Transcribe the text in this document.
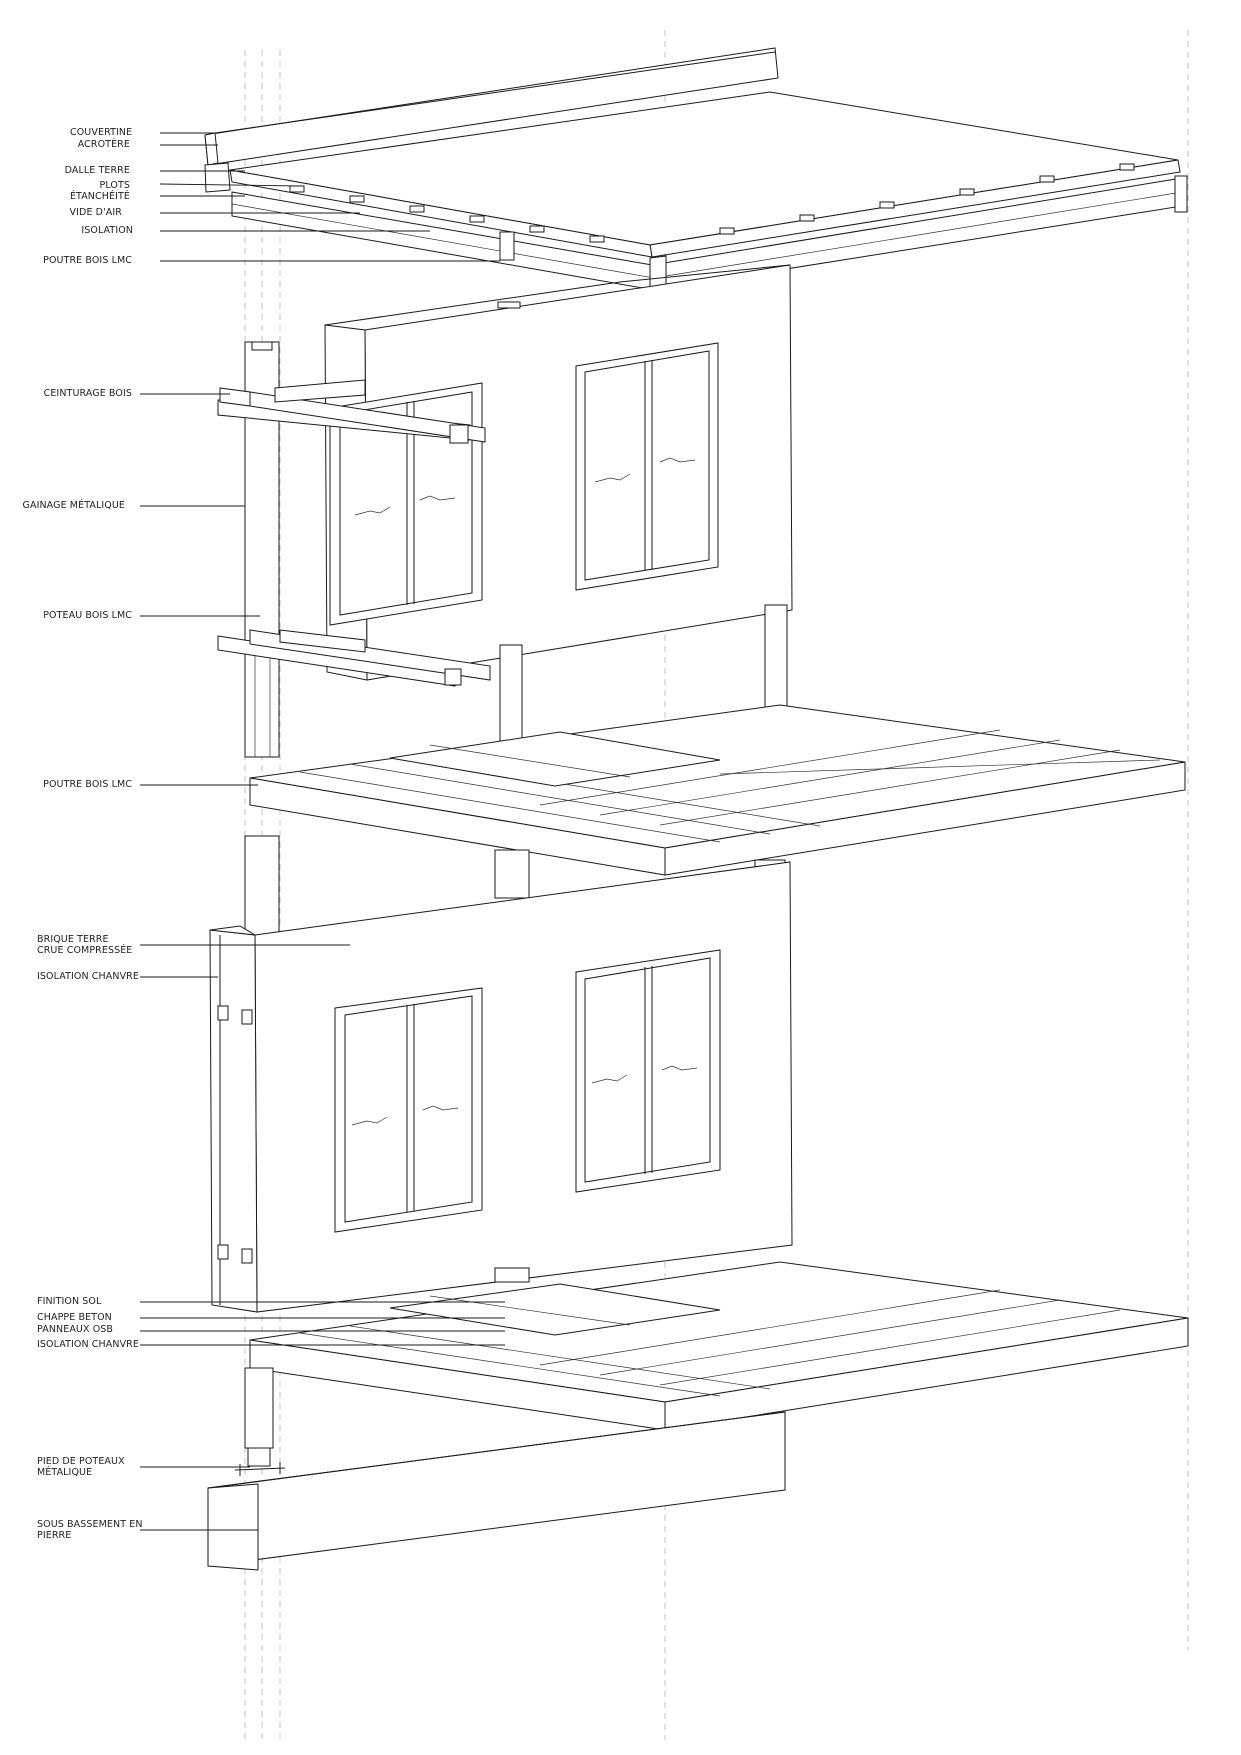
COUVERTINE
ACROTÈRE
DALLE TERRE
PLOTS
ÉTANCHÉITÉ
VIDE D'AIR
ISOLATION
POUTRE BOIS LMC
CEINTURAGE BOIS
GAINAGE MÉTALIQUE
POTEAU BOIS LMC
POUTRE BOIS LMC
BRIQUE TERRE
CRUE COMPRESSÉE
ISOLATION CHANVRE
FINITION SOL
CHAPPE BETON
PANNEAUX OSB
ISOLATION CHANVRE
PIED DE POTEAUX
MÉTALIQUE
SOUS BASSEMENT EN
PIERRE
